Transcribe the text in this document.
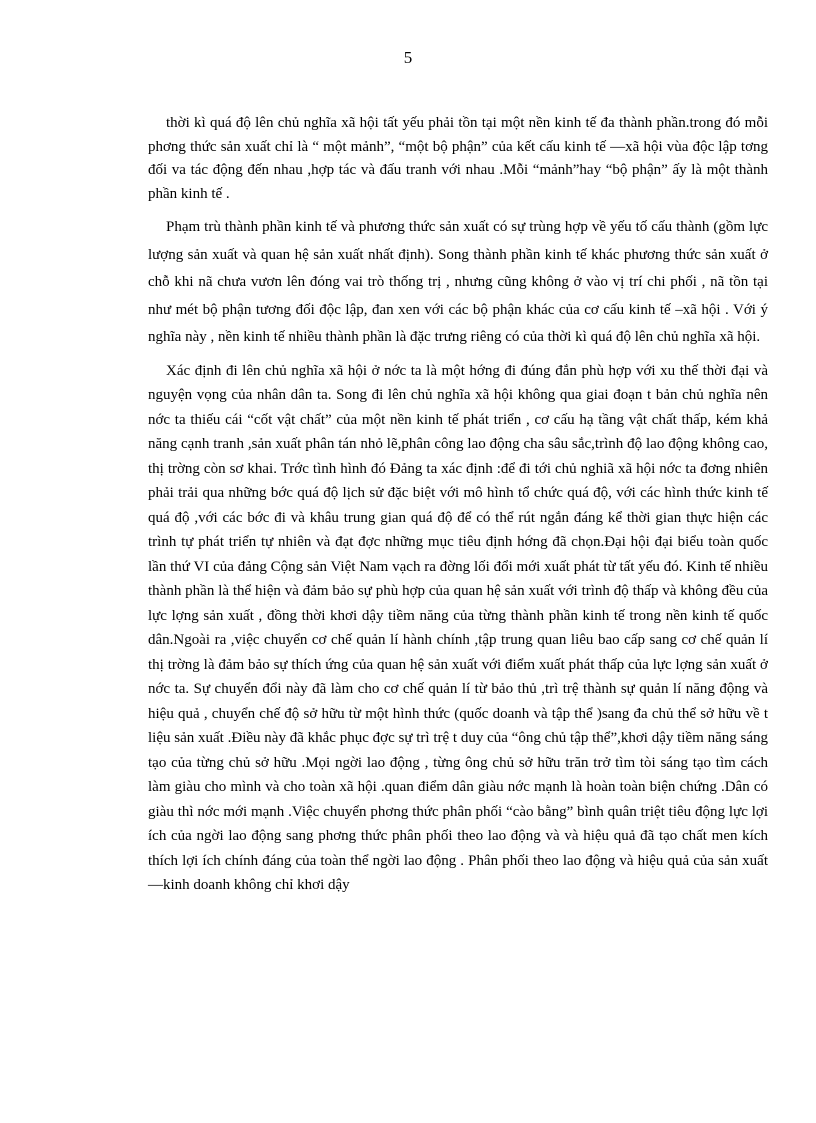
5

thời kì quá độ lên chủ nghĩa xã hội tất yếu phải tồn tại một nền kinh tế đa thành phần.trong đó mỗi phơng thức sản xuất chỉ là “ một mảnh”, “một bộ phận” của kết cấu kinh tế —xã hội vùa độc lập tơng đối va tác động đến nhau ,hợp tác và đấu tranh với nhau .Mỗi “mảnh”hay “bộ phận” ấy là một thành phần kinh tế .

Phạm trù thành phần kinh tế và phương thức sản xuất có sự trùng hợp về yếu tố cấu thành (gồm lực lượng sản xuất và quan hệ sản xuất nhất định). Song thành phần kinh tế khác phương thức sản xuất ở chỗ khi nã chưa vươn lên đóng vai trò thống trị , nhưng cũng không ở vào vị trí chi phối , nã tồn tại như mét bộ phận tương đối độc lập, đan xen với các bộ phận khác của cơ cấu kinh tế –xã hội . Với ý nghĩa này , nền kinh tế nhiều thành phần là đặc trưng riêng có của thời kì quá độ lên chủ nghĩa xã hội.

Xác định đi lên chủ nghĩa xã hội ở nớc ta là một hớng đi đúng đắn phù hợp với xu thế thời đại và nguyện vọng của nhân dân ta. Song đi lên chủ nghĩa xã hội không qua giai đoạn t bản chủ nghĩa nên nớc ta thiếu cái “cốt vật chất” của một nền kinh tế phát triển , cơ cấu hạ tầng vật chất thấp, kém khả năng cạnh tranh ,sản xuất phân tán nhỏ lẽ,phân công lao động cha sâu sắc,trình độ lao động không cao, thị trờng còn sơ khai. Trớc tình hình đó Đảng ta xác định :để đi tới chủ nghiã xã hội nớc ta đơng nhiên phải trải qua những bớc quá độ lịch sử đặc biệt với mô hình tổ chức quá độ, với các hình thức kinh tế quá độ ,với các bớc đi và khâu trung gian quá độ để có thể rút ngắn đáng kể thời gian thực hiện các trình tự phát triển tự nhiên và đạt đợc những mục tiêu định hớng đã chọn.Đại hội đại biểu toàn quốc lần thứ VI của đảng Cộng sản Việt Nam vạch ra đờng lối đổi mới xuất phát từ tất yếu đó. Kinh tế nhiều thành phần là thể hiện và đảm bảo sự phù hợp của quan hệ sản xuất với trình độ thấp và không đều của lực lợng sản xuất , đồng thời khơi dậy tiềm năng của từng thành phần kinh tế trong nền kinh tế quốc dân.Ngoài ra ,việc chuyển cơ chế quản lí hành chính ,tập trung quan liêu bao cấp sang cơ chế quản lí thị trờng là đảm bảo sự thích ứng của quan hệ sản xuất với điểm xuất phát thấp của lực lợng sản xuất ở nớc ta. Sự chuyển đổi này đã làm cho cơ chế quản lí từ bảo thủ ,trì trệ thành sự quản lí năng động và hiệu quả , chuyển chế độ sở hữu từ một hình thức (quốc doanh và tập thể )sang đa chủ thể sở hữu về t liệu sản xuất .Điều này đã khắc phục đợc sự trì trệ t duy của “ông chủ tập thể”,khơi dậy tiềm năng sáng tạo của từng chủ sở hữu .Mọi ngời lao động , từng ông chủ sở hữu trăn trở tìm tòi sáng tạo tìm cách làm giàu cho mình và cho toàn xã hội .quan điểm dân giàu nớc mạnh là hoàn toàn biện chứng .Dân có giàu thì nớc mới mạnh .Việc chuyển phơng thức phân phối “cào bằng” bình quân triệt tiêu động lực lợi ích của ngời lao động sang phơng thức phân phối theo lao động và và hiệu quả đã tạo chất men kích thích lợi ích chính đáng của toàn thể ngời lao động . Phân phối theo lao động và hiệu quả của sản xuất —kinh doanh không chỉ khơi dậy
